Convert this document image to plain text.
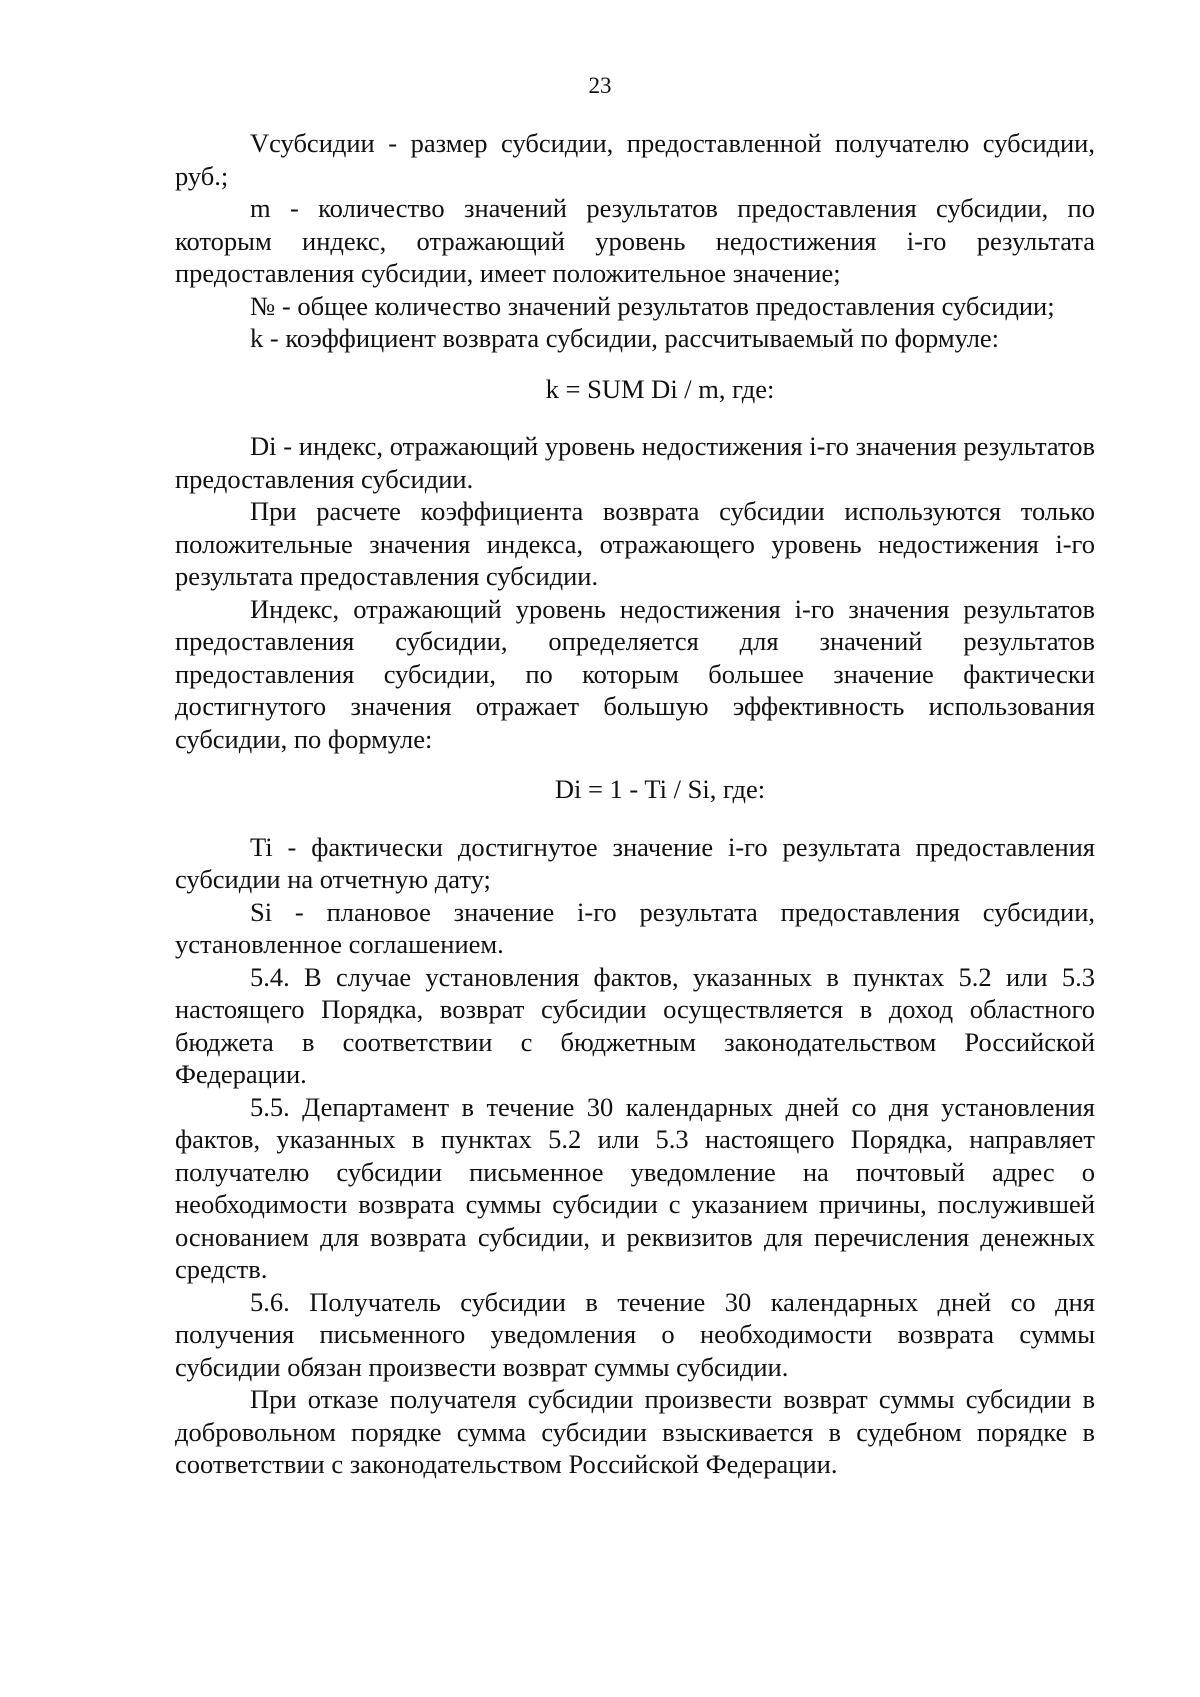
23

Vсубсидии - размер субсидии, предоставленной получателю субсидии, руб.;

m - количество значений результатов предоставления субсидии, по которым индекс, отражающий уровень недостижения i-го результата предоставления субсидии, имеет положительное значение;

№ - общее количество значений результатов предоставления субсидии;

k - коэффициент возврата субсидии, рассчитываемый по формуле:

k = SUM Di / m, где:

Di - индекс, отражающий уровень недостижения i-го значения результатов предоставления субсидии.

При расчете коэффициента возврата субсидии используются только положительные значения индекса, отражающего уровень недостижения i-го результата предоставления субсидии.

Индекс, отражающий уровень недостижения i-го значения результатов предоставления субсидии, определяется для значений результатов предоставления субсидии, по которым большее значение фактически достигнутого значения отражает большую эффективность использования субсидии, по формуле:

Di = 1 - Ti / Si, где:

Ti - фактически достигнутое значение i-го результата предоставления субсидии на отчетную дату;

Si - плановое значение i-го результата предоставления субсидии, установленное соглашением.

5.4. В случае установления фактов, указанных в пунктах 5.2 или 5.3 настоящего Порядка, возврат субсидии осуществляется в доход областного бюджета в соответствии с бюджетным законодательством Российской Федерации.

5.5. Департамент в течение 30 календарных дней со дня установления фактов, указанных в пунктах 5.2 или 5.3 настоящего Порядка, направляет получателю субсидии письменное уведомление на почтовый адрес о необходимости возврата суммы субсидии с указанием причины, послужившей основанием для возврата субсидии, и реквизитов для перечисления денежных средств.

5.6. Получатель субсидии в течение 30 календарных дней со дня получения письменного уведомления о необходимости возврата суммы субсидии обязан произвести возврат суммы субсидии.

При отказе получателя субсидии произвести возврат суммы субсидии в добровольном порядке сумма субсидии взыскивается в судебном порядке в соответствии с законодательством Российской Федерации.
